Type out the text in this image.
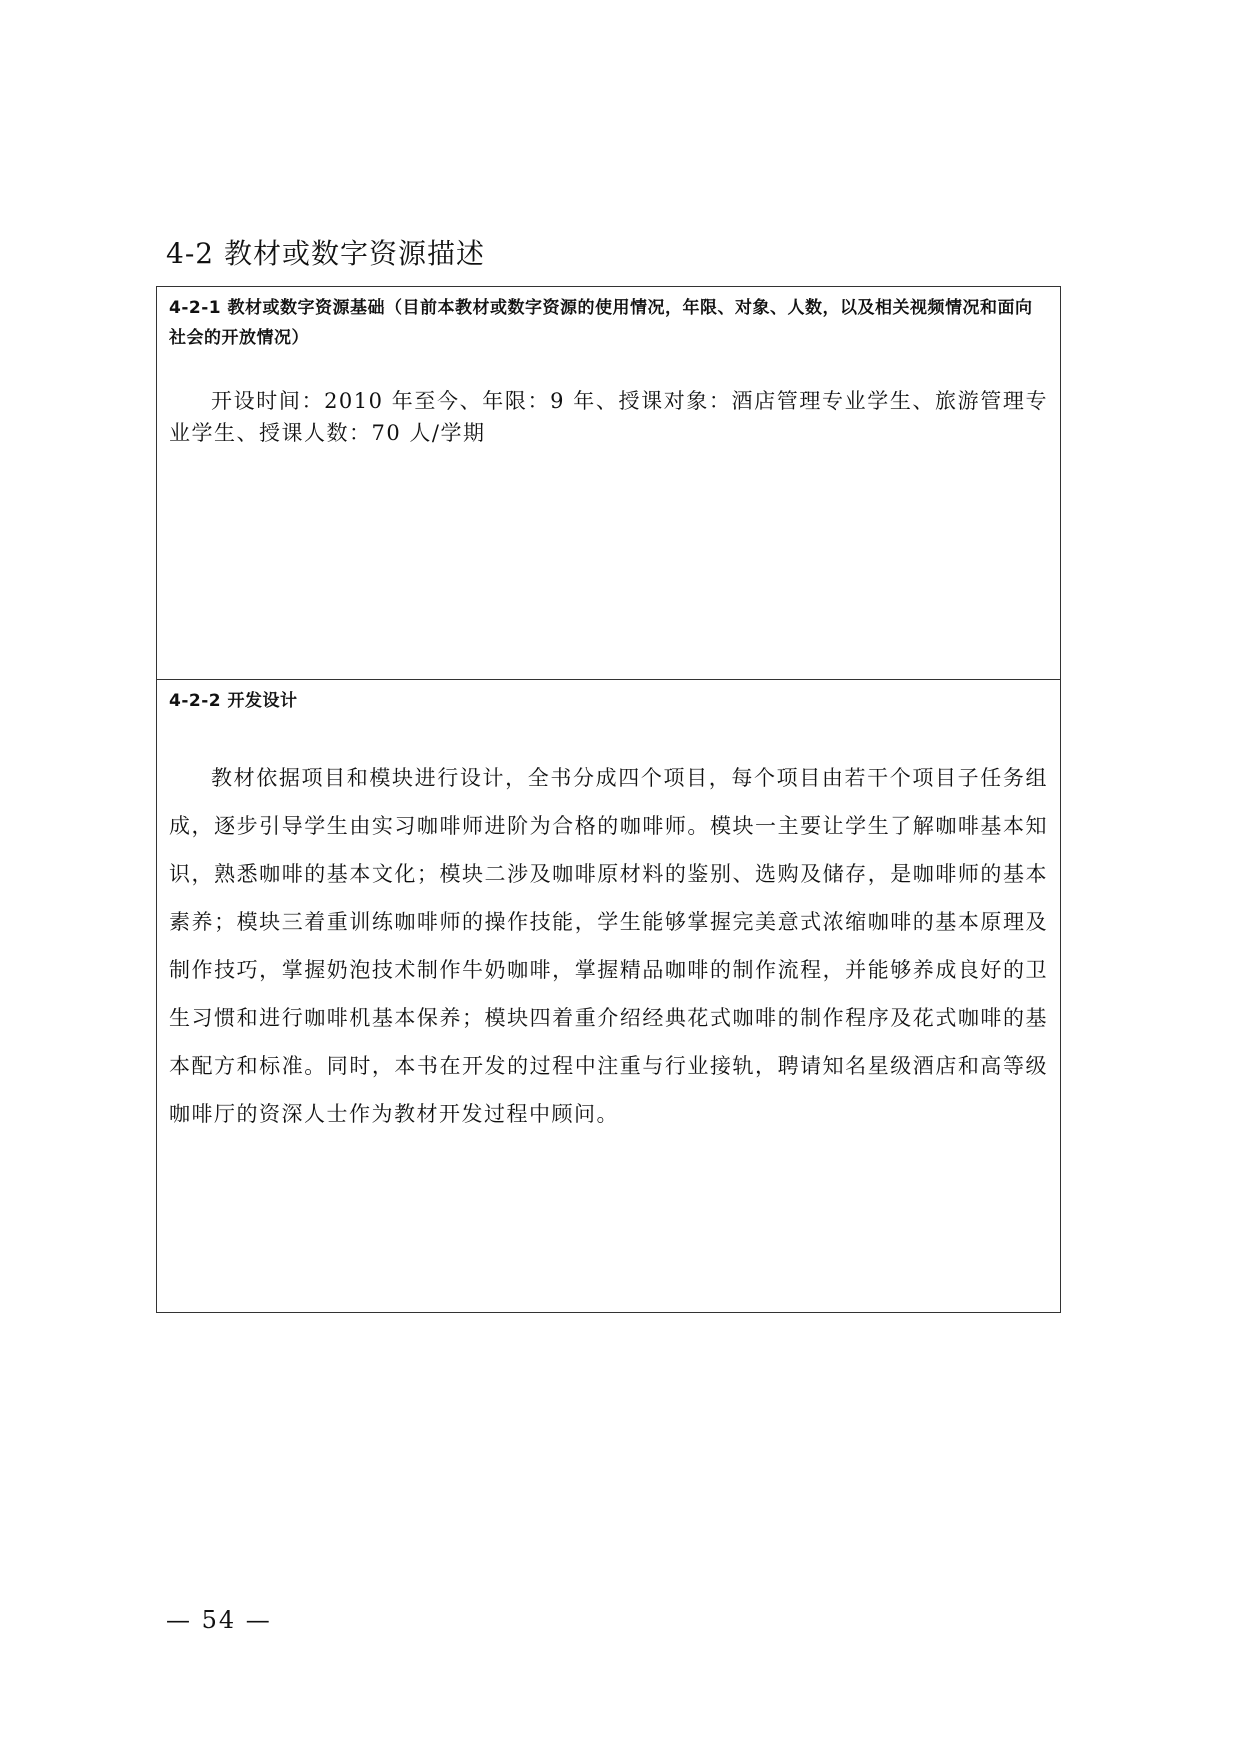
4-2 教材或数字资源描述
4-2-1 教材或数字资源基础（目前本教材或数字资源的使用情况，年限、对象、人数，以及相关视频情况和面向社会的开放情况）
开设时间：2010 年至今、年限：9 年、授课对象：酒店管理专业学生、旅游管理专业学生、授课人数：70 人/学期
4-2-2 开发设计
教材依据项目和模块进行设计，全书分成四个项目，每个项目由若干个项目子任务组成，逐步引导学生由实习咖啡师进阶为合格的咖啡师。模块一主要让学生了解咖啡基本知识，熟悉咖啡的基本文化；模块二涉及咖啡原材料的鉴别、选购及储存，是咖啡师的基本素养；模块三着重训练咖啡师的操作技能，学生能够掌握完美意式浓缩咖啡的基本原理及制作技巧，掌握奶泡技术制作牛奶咖啡，掌握精品咖啡的制作流程，并能够养成良好的卫生习惯和进行咖啡机基本保养；模块四着重介绍经典花式咖啡的制作程序及花式咖啡的基本配方和标准。同时，本书在开发的过程中注重与行业接轨，聘请知名星级酒店和高等级咖啡厅的资深人士作为教材开发过程中顾问。
— 54 —
